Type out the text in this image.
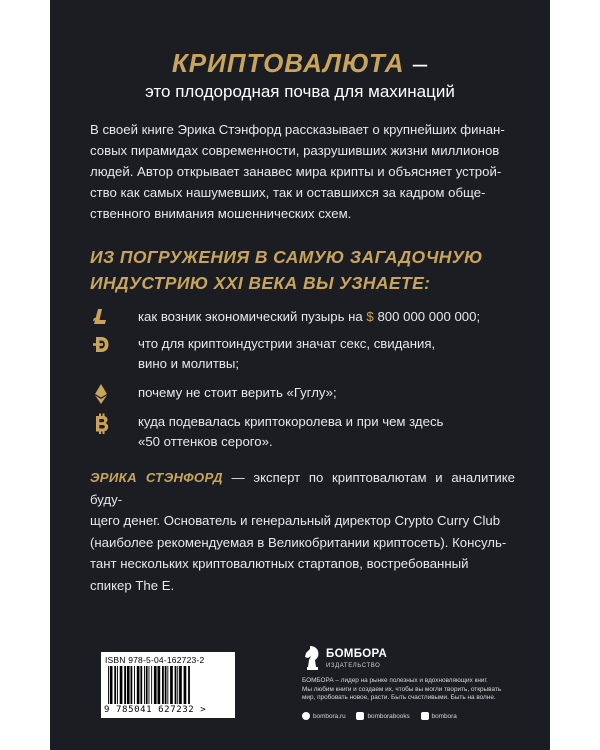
КРИПТОВАЛЮТА –
это плодородная почва для махинаций
В своей книге Эрика Стэнфорд рассказывает о крупнейших финан-
совых пирамидах современности, разрушивших жизни миллионов
людей. Автор открывает занавес мира крипты и объясняет устрой-
ство как самых нашумевших, так и оставшихся за кадром обще-
ственного внимания мошеннических схем.
ИЗ ПОГРУЖЕНИЯ В САМУЮ ЗАГАДОЧНУЮ
ИНДУСТРИЮ XXI ВЕКА ВЫ УЗНАЕТЕ:
как возник экономический пузырь на $ 800 000 000 000;
что для криптоиндустрии значат секс, свидания,
вино и молитвы;
почему не стоит верить «Гуглу»;
куда подевалась криптокоролева и при чем здесь
«50 оттенков серого».
ЭРИКА СТЭНФОРД — эксперт по криптовалютам и аналитике буду-
щего денег. Основатель и генеральный директор Crypto Curry Club
(наиболее рекомендуемая в Великобритании криптосеть). Консуль-
тант нескольких криптовалютных стартапов, востребованный
спикер The E.
ISBN 978-5-04-162723-2
9 785041 627232 >
БОМБОРА
ИЗДАТЕЛЬСТВО
БОМБОРА – лидер на рынке полезных и вдохновляющих книг.
Мы любим книги и создаем их, чтобы вы могли творить, открывать
мир, пробовать новое, расти. Быть счастливыми. Быть на волне.
bombora.ru
	bomborabooks
	bombora
